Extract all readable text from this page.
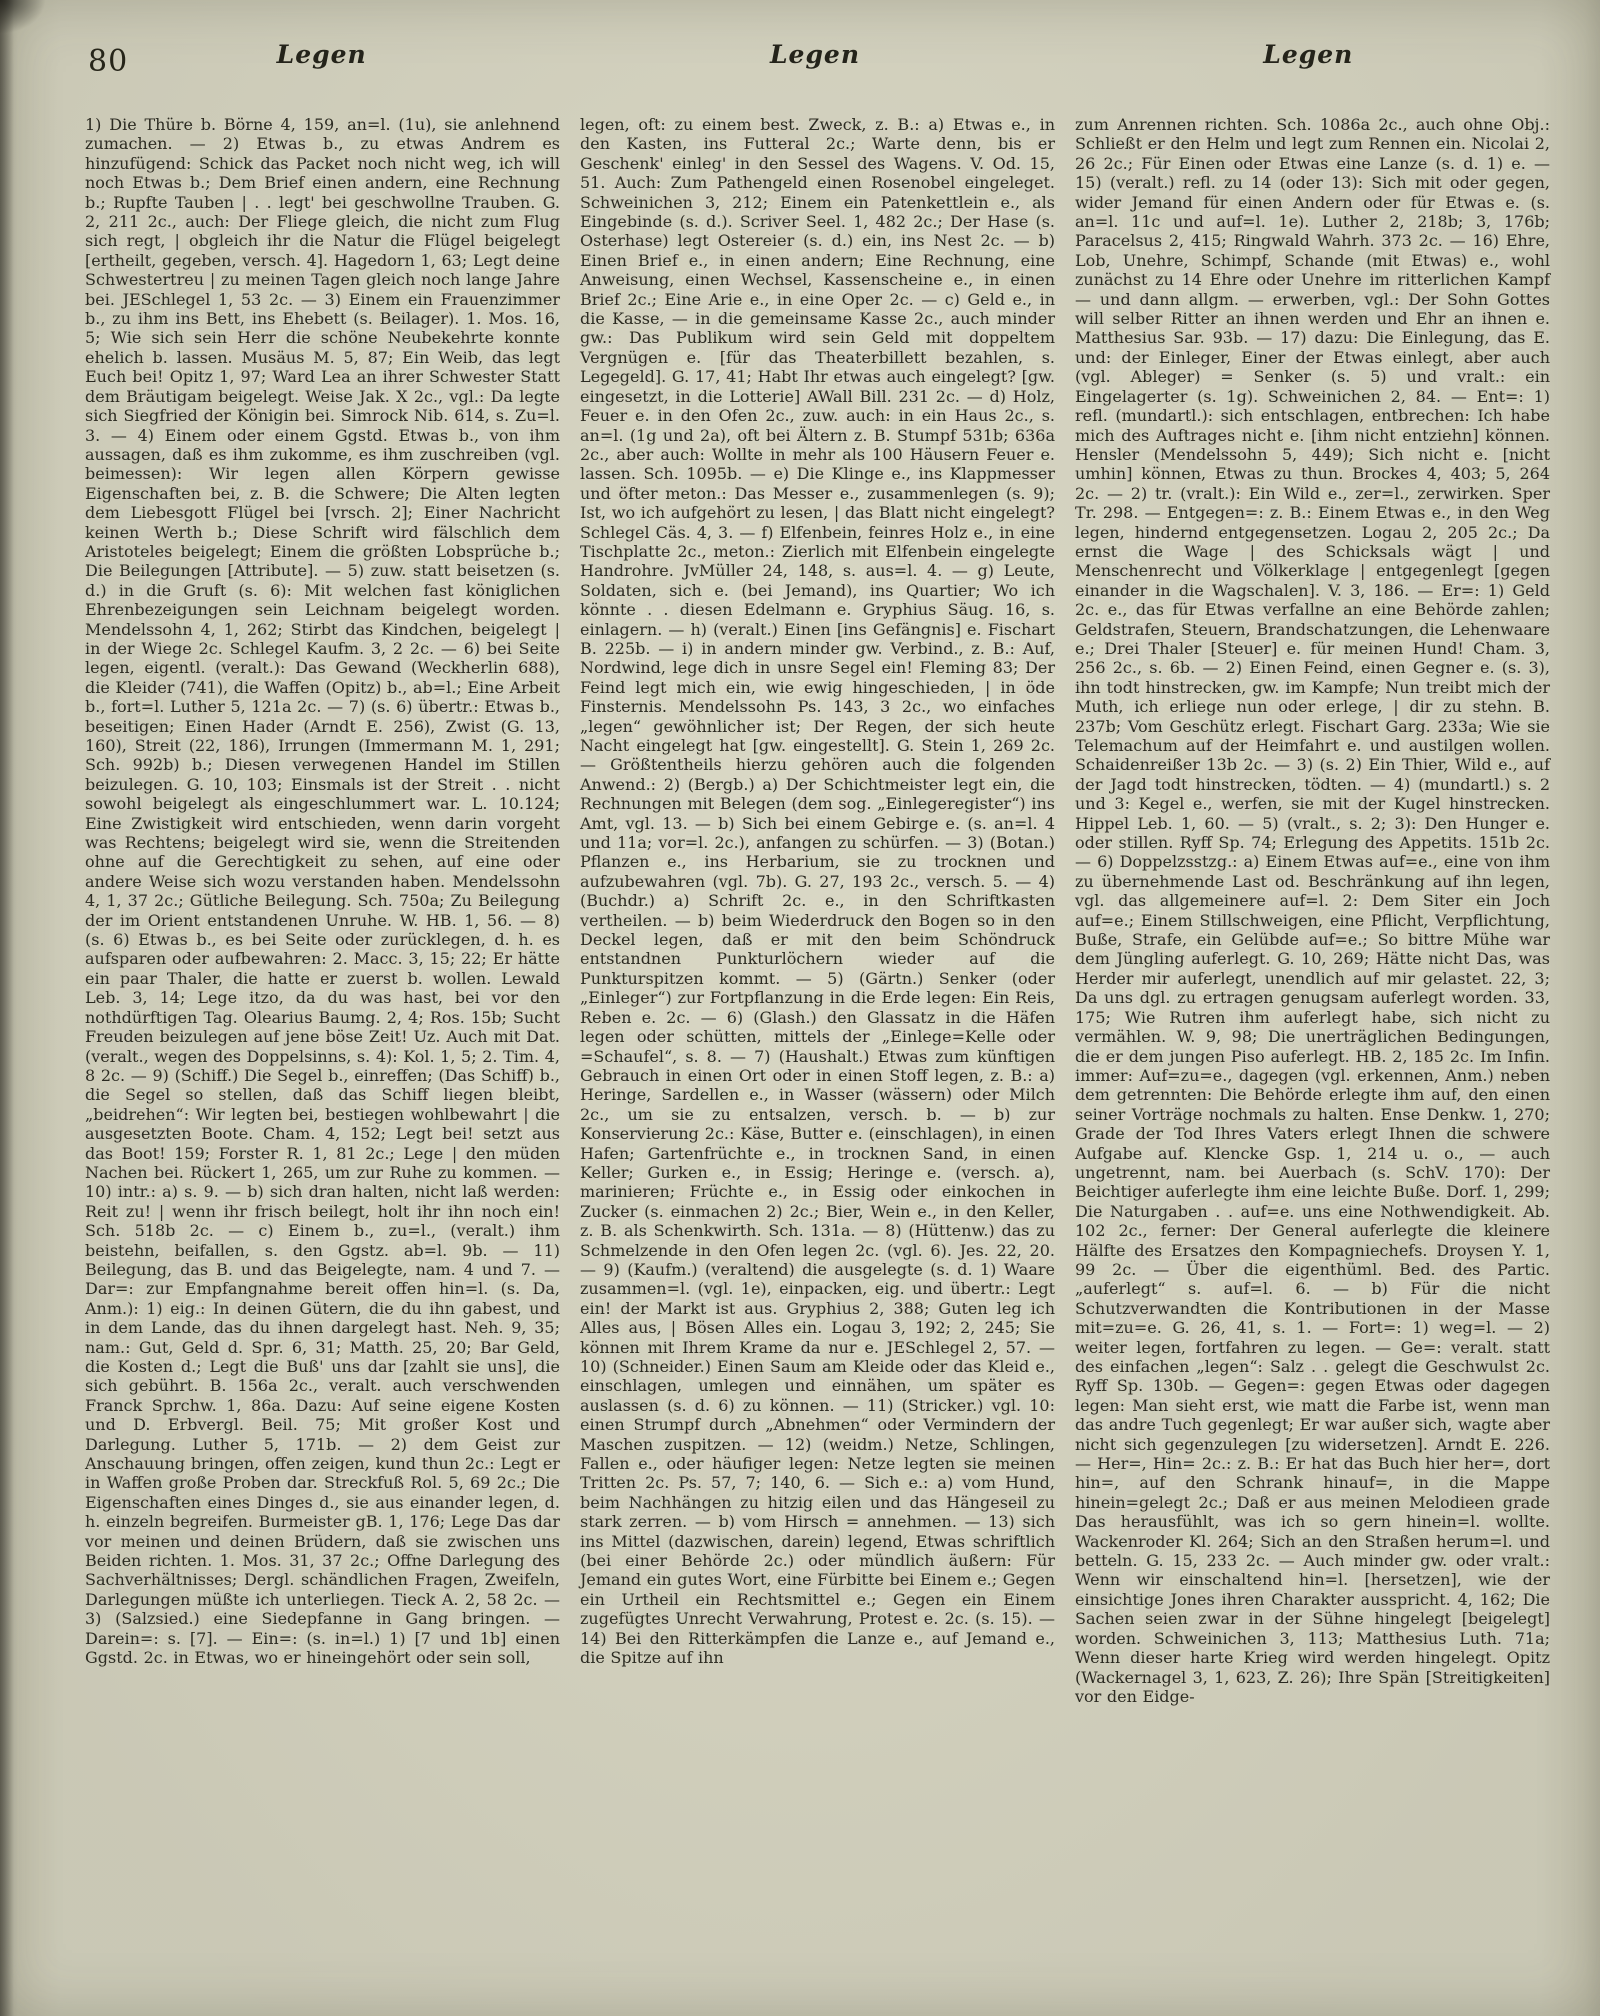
80	Legen	Legen	Legen

1) Die Thüre b. Börne 4, 159, an=l. (1u), sie anlehnend zumachen. — 2) Etwas b., zu etwas Andrem es hinzufügend: Schick das Packet noch nicht weg, ich will noch Etwas b.; Dem Brief einen andern, eine Rechnung b.; Rupfte Tauben | . . legt' bei geschwollne Trauben. G. 2, 211 2c., auch: Der Fliege gleich, die nicht zum Flug sich regt, | obgleich ihr die Natur die Flügel beigelegt [ertheilt, gegeben, versch. 4]. Hagedorn 1, 63; Legt deine Schwestertreu | zu meinen Tagen gleich noch lange Jahre bei. JESchlegel 1, 53 2c. — 3) Einem ein Frauenzimmer b., zu ihm ins Bett, ins Ehebett (s. Beilager). 1. Mos. 16, 5; Wie sich sein Herr die schöne Neubekehrte konnte ehelich b. lassen. Musäus M. 5, 87; Ein Weib, das legt Euch bei! Opitz 1, 97; Ward Lea an ihrer Schwester Statt dem Bräutigam beigelegt. Weise Jak. X 2c., vgl.: Da legte sich Siegfried der Königin bei. Simrock Nib. 614, s. Zu=l. 3. — 4) Einem oder einem Ggstd. Etwas b., von ihm aussagen, daß es ihm zukomme, es ihm zuschreiben (vgl. beimessen): Wir legen allen Körpern gewisse Eigenschaften bei, z. B. die Schwere; Die Alten legten dem Liebesgott Flügel bei [vrsch. 2]; Einer Nachricht keinen Werth b.; Diese Schrift wird fälschlich dem Aristoteles beigelegt; Einem die größten Lobsprüche b.; Die Beilegungen [Attribute]. — 5) zuw. statt beisetzen (s. d.) in die Gruft (s. 6): Mit welchen fast königlichen Ehrenbezeigungen sein Leichnam beigelegt worden. Mendelssohn 4, 1, 262; Stirbt das Kindchen, beigelegt | in der Wiege 2c. Schlegel Kaufm. 3, 2 2c. — 6) bei Seite legen, eigentl. (veralt.): Das Gewand (Weckherlin 688), die Kleider (741), die Waffen (Opitz) b., ab=l.; Eine Arbeit b., fort=l. Luther 5, 121a 2c. — 7) (s. 6) übertr.: Etwas b., beseitigen; Einen Hader (Arndt E. 256), Zwist (G. 13, 160), Streit (22, 186), Irrungen (Immermann M. 1, 291; Sch. 992b) b.; Diesen verwegenen Handel im Stillen beizulegen. G. 10, 103; Einsmals ist der Streit . . nicht sowohl beigelegt als eingeschlummert war. L. 10.124; Eine Zwistigkeit wird entschieden, wenn darin vorgeht was Rechtens; beigelegt wird sie, wenn die Streitenden ohne auf die Gerechtigkeit zu sehen, auf eine oder andere Weise sich wozu verstanden haben. Mendelssohn 4, 1, 37 2c.; Gütliche Beilegung. Sch. 750a; Zu Beilegung der im Orient entstandenen Unruhe. W. HB. 1, 56. — 8) (s. 6) Etwas b., es bei Seite oder zurücklegen, d. h. es aufsparen oder aufbewahren: 2. Macc. 3, 15; 22; Er hätte ein paar Thaler, die hatte er zuerst b. wollen. Lewald Leb. 3, 14; Lege itzo, da du was hast, bei vor den nothdürftigen Tag. Olearius Baumg. 2, 4; Ros. 15b; Sucht Freuden beizulegen auf jene böse Zeit! Uz. Auch mit Dat. (veralt., wegen des Doppelsinns, s. 4): Kol. 1, 5; 2. Tim. 4, 8 2c. — 9) (Schiff.) Die Segel b., einreffen; (Das Schiff) b., die Segel so stellen, daß das Schiff liegen bleibt, „beidrehen“: Wir legten bei, bestiegen wohlbewahrt | die ausgesetzten Boote. Cham. 4, 152; Legt bei! setzt aus das Boot! 159; Forster R. 1, 81 2c.; Lege | den müden Nachen bei. Rückert 1, 265, um zur Ruhe zu kommen. — 10) intr.: a) s. 9. — b) sich dran halten, nicht laß werden: Reit zu! | wenn ihr frisch beilegt, holt ihr ihn noch ein! Sch. 518b 2c. — c) Einem b., zu=l., (veralt.) ihm beistehn, beifallen, s. den Ggstz. ab=l. 9b. — 11) Beilegung, das B. und das Beigelegte, nam. 4 und 7. — Dar=: zur Empfangnahme bereit offen hin=l. (s. Da, Anm.): 1) eig.: In deinen Gütern, die du ihn gabest, und in dem Lande, das du ihnen dargelegt hast. Neh. 9, 35; nam.: Gut, Geld d. Spr. 6, 31; Matth. 25, 20; Bar Geld, die Kosten d.; Legt die Buß' uns dar [zahlt sie uns], die sich gebührt. B. 156a 2c., veralt. auch verschwenden Franck Sprchw. 1, 86a. Dazu: Auf seine eigene Kosten und D. Erbvergl. Beil. 75; Mit großer Kost und Darlegung. Luther 5, 171b. — 2) dem Geist zur Anschauung bringen, offen zeigen, kund thun 2c.: Legt er in Waffen große Proben dar. Streckfuß Rol. 5, 69 2c.; Die Eigenschaften eines Dinges d., sie aus einander legen, d. h. einzeln begreifen. Burmeister gB. 1, 176; Lege Das dar vor meinen und deinen Brüdern, daß sie zwischen uns Beiden richten. 1. Mos. 31, 37 2c.; Offne Darlegung des Sachverhältnisses; Dergl. schändlichen Fragen, Zweifeln, Darlegungen müßte ich unterliegen. Tieck A. 2, 58 2c. — 3) (Salzsied.) eine Siedepfanne in Gang bringen. — Darein=: s. [7]. — Ein=: (s. in=l.) 1) [7 und 1b] einen Ggstd. 2c. in Etwas, wo er hineingehört oder sein soll,

legen, oft: zu einem best. Zweck, z. B.: a) Etwas e., in den Kasten, ins Futteral 2c.; Warte denn, bis er Geschenk' einleg' in den Sessel des Wagens. V. Od. 15, 51. Auch: Zum Pathengeld einen Rosenobel eingeleget. Schweinichen 3, 212; Einem ein Patenkettlein e., als Eingebinde (s. d.). Scriver Seel. 1, 482 2c.; Der Hase (s. Osterhase) legt Ostereier (s. d.) ein, ins Nest 2c. — b) Einen Brief e., in einen andern; Eine Rechnung, eine Anweisung, einen Wechsel, Kassenscheine e., in einen Brief 2c.; Eine Arie e., in eine Oper 2c. — c) Geld e., in die Kasse, — in die gemeinsame Kasse 2c., auch minder gw.: Das Publikum wird sein Geld mit doppeltem Vergnügen e. [für das Theaterbillett bezahlen, s. Legegeld]. G. 17, 41; Habt Ihr etwas auch eingelegt? [gw. eingesetzt, in die Lotterie] AWall Bill. 231 2c. — d) Holz, Feuer e. in den Ofen 2c., zuw. auch: in ein Haus 2c., s. an=l. (1g und 2a), oft bei Ältern z. B. Stumpf 531b; 636a 2c., aber auch: Wollte in mehr als 100 Häusern Feuer e. lassen. Sch. 1095b. — e) Die Klinge e., ins Klappmesser und öfter meton.: Das Messer e., zusammenlegen (s. 9); Ist, wo ich aufgehört zu lesen, | das Blatt nicht eingelegt? Schlegel Cäs. 4, 3. — f) Elfenbein, feinres Holz e., in eine Tischplatte 2c., meton.: Zierlich mit Elfenbein eingelegte Handrohre. JvMüller 24, 148, s. aus=l. 4. — g) Leute, Soldaten, sich e. (bei Jemand), ins Quartier; Wo ich könnte . . diesen Edelmann e. Gryphius Säug. 16, s. einlagern. — h) (veralt.) Einen [ins Gefängnis] e. Fischart B. 225b. — i) in andern minder gw. Verbind., z. B.: Auf, Nordwind, lege dich in unsre Segel ein! Fleming 83; Der Feind legt mich ein, wie ewig hingeschieden, | in öde Finsternis. Mendelssohn Ps. 143, 3 2c., wo einfaches „legen“ gewöhnlicher ist; Der Regen, der sich heute Nacht eingelegt hat [gw. eingestellt]. G. Stein 1, 269 2c. — Größtentheils hierzu gehören auch die folgenden Anwend.: 2) (Bergb.) a) Der Schichtmeister legt ein, die Rechnungen mit Belegen (dem sog. „Einlegeregister“) ins Amt, vgl. 13. — b) Sich bei einem Gebirge e. (s. an=l. 4 und 11a; vor=l. 2c.), anfangen zu schürfen. — 3) (Botan.) Pflanzen e., ins Herbarium, sie zu trocknen und aufzubewahren (vgl. 7b). G. 27, 193 2c., versch. 5. — 4) (Buchdr.) a) Schrift 2c. e., in den Schriftkasten vertheilen. — b) beim Wiederdruck den Bogen so in den Deckel legen, daß er mit den beim Schöndruck entstandnen Punkturlöchern wieder auf die Punkturspitzen kommt. — 5) (Gärtn.) Senker (oder „Einleger“) zur Fortpflanzung in die Erde legen: Ein Reis, Reben e. 2c. — 6) (Glash.) den Glassatz in die Häfen legen oder schütten, mittels der „Einlege=Kelle oder =Schaufel“, s. 8. — 7) (Haushalt.) Etwas zum künftigen Gebrauch in einen Ort oder in einen Stoff legen, z. B.: a) Heringe, Sardellen e., in Wasser (wässern) oder Milch 2c., um sie zu entsalzen, versch. b. — b) zur Konservierung 2c.: Käse, Butter e. (einschlagen), in einen Hafen; Gartenfrüchte e., in trocknen Sand, in einen Keller; Gurken e., in Essig; Heringe e. (versch. a), marinieren; Früchte e., in Essig oder einkochen in Zucker (s. einmachen 2) 2c.; Bier, Wein e., in den Keller, z. B. als Schenkwirth. Sch. 131a. — 8) (Hüttenw.) das zu Schmelzende in den Ofen legen 2c. (vgl. 6). Jes. 22, 20. — 9) (Kaufm.) (veraltend) die ausgelegte (s. d. 1) Waare zusammen=l. (vgl. 1e), einpacken, eig. und übertr.: Legt ein! der Markt ist aus. Gryphius 2, 388; Guten leg ich Alles aus, | Bösen Alles ein. Logau 3, 192; 2, 245; Sie können mit Ihrem Krame da nur e. JESchlegel 2, 57. — 10) (Schneider.) Einen Saum am Kleide oder das Kleid e., einschlagen, umlegen und einnähen, um später es auslassen (s. d. 6) zu können. — 11) (Stricker.) vgl. 10: einen Strumpf durch „Abnehmen“ oder Vermindern der Maschen zuspitzen. — 12) (weidm.) Netze, Schlingen, Fallen e., oder häufiger legen: Netze legten sie meinen Tritten 2c. Ps. 57, 7; 140, 6. — Sich e.: a) vom Hund, beim Nachhängen zu hitzig eilen und das Hängeseil zu stark zerren. — b) vom Hirsch = annehmen. — 13) sich ins Mittel (dazwischen, darein) legend, Etwas schriftlich (bei einer Behörde 2c.) oder mündlich äußern: Für Jemand ein gutes Wort, eine Fürbitte bei Einem e.; Gegen ein Urtheil ein Rechtsmittel e.; Gegen ein Einem zugefügtes Unrecht Verwahrung, Protest e. 2c. (s. 15). — 14) Bei den Ritterkämpfen die Lanze e., auf Jemand e., die Spitze auf ihn

zum Anrennen richten. Sch. 1086a 2c., auch ohne Obj.: Schließt er den Helm und legt zum Rennen ein. Nicolai 2, 26 2c.; Für Einen oder Etwas eine Lanze (s. d. 1) e. — 15) (veralt.) refl. zu 14 (oder 13): Sich mit oder gegen, wider Jemand für einen Andern oder für Etwas e. (s. an=l. 11c und auf=l. 1e). Luther 2, 218b; 3, 176b; Paracelsus 2, 415; Ringwald Wahrh. 373 2c. — 16) Ehre, Lob, Unehre, Schimpf, Schande (mit Etwas) e., wohl zunächst zu 14 Ehre oder Unehre im ritterlichen Kampf — und dann allgm. — erwerben, vgl.: Der Sohn Gottes will selber Ritter an ihnen werden und Ehr an ihnen e. Matthesius Sar. 93b. — 17) dazu: Die Einlegung, das E. und: der Einleger, Einer der Etwas einlegt, aber auch (vgl. Ableger) = Senker (s. 5) und vralt.: ein Eingelagerter (s. 1g). Schweinichen 2, 84. — Ent=: 1) refl. (mundartl.): sich entschlagen, entbrechen: Ich habe mich des Auftrages nicht e. [ihm nicht entziehn] können. Hensler (Mendelssohn 5, 449); Sich nicht e. [nicht umhin] können, Etwas zu thun. Brockes 4, 403; 5, 264 2c. — 2) tr. (vralt.): Ein Wild e., zer=l., zerwirken. Sper Tr. 298. — Entgegen=: z. B.: Einem Etwas e., in den Weg legen, hindernd entgegensetzen. Logau 2, 205 2c.; Da ernst die Wage | des Schicksals wägt | und Menschenrecht und Völkerklage | entgegenlegt [gegen einander in die Wagschalen]. V. 3, 186. — Er=: 1) Geld 2c. e., das für Etwas verfallne an eine Behörde zahlen; Geldstrafen, Steuern, Brandschatzungen, die Lehenwaare e.; Drei Thaler [Steuer] e. für meinen Hund! Cham. 3, 256 2c., s. 6b. — 2) Einen Feind, einen Gegner e. (s. 3), ihn todt hinstrecken, gw. im Kampfe; Nun treibt mich der Muth, ich erliege nun oder erlege, | dir zu stehn. B. 237b; Vom Geschütz erlegt. Fischart Garg. 233a; Wie sie Telemachum auf der Heimfahrt e. und austilgen wollen. Schaidenreißer 13b 2c. — 3) (s. 2) Ein Thier, Wild e., auf der Jagd todt hinstrecken, tödten. — 4) (mundartl.) s. 2 und 3: Kegel e., werfen, sie mit der Kugel hinstrecken. Hippel Leb. 1, 60. — 5) (vralt., s. 2; 3): Den Hunger e. oder stillen. Ryff Sp. 74; Erlegung des Appetits. 151b 2c. — 6) Doppelzsstzg.: a) Einem Etwas auf=e., eine von ihm zu übernehmende Last od. Beschränkung auf ihn legen, vgl. das allgemeinere auf=l. 2: Dem Siter ein Joch auf=e.; Einem Stillschweigen, eine Pflicht, Verpflichtung, Buße, Strafe, ein Gelübde auf=e.; So bittre Mühe war dem Jüngling auferlegt. G. 10, 269; Hätte nicht Das, was Herder mir auferlegt, unendlich auf mir gelastet. 22, 3; Da uns dgl. zu ertragen genugsam auferlegt worden. 33, 175; Wie Rutren ihm auferlegt habe, sich nicht zu vermählen. W. 9, 98; Die unerträglichen Bedingungen, die er dem jungen Piso auferlegt. HB. 2, 185 2c. Im Infin. immer: Auf=zu=e., dagegen (vgl. erkennen, Anm.) neben dem getrennten: Die Behörde erlegte ihm auf, den einen seiner Vorträge nochmals zu halten. Ense Denkw. 1, 270; Grade der Tod Ihres Vaters erlegt Ihnen die schwere Aufgabe auf. Klencke Gsp. 1, 214 u. o., — auch ungetrennt, nam. bei Auerbach (s. SchV. 170): Der Beichtiger auferlegte ihm eine leichte Buße. Dorf. 1, 299; Die Naturgaben . . auf=e. uns eine Nothwendigkeit. Ab. 102 2c., ferner: Der General auferlegte die kleinere Hälfte des Ersatzes den Kompagniechefs. Droysen Y. 1, 99 2c. — Über die eigenthüml. Bed. des Partic. „auferlegt“ s. auf=l. 6. — b) Für die nicht Schutzverwandten die Kontributionen in der Masse mit=zu=e. G. 26, 41, s. 1. — Fort=: 1) weg=l. — 2) weiter legen, fortfahren zu legen. — Ge=: veralt. statt des einfachen „legen“: Salz . . gelegt die Geschwulst 2c. Ryff Sp. 130b. — Gegen=: gegen Etwas oder dagegen legen: Man sieht erst, wie matt die Farbe ist, wenn man das andre Tuch gegenlegt; Er war außer sich, wagte aber nicht sich gegenzulegen [zu widersetzen]. Arndt E. 226. — Her=, Hin= 2c.: z. B.: Er hat das Buch hier her=, dort hin=, auf den Schrank hinauf=, in die Mappe hinein=gelegt 2c.; Daß er aus meinen Melodieen grade Das herausfühlt, was ich so gern hinein=l. wollte. Wackenroder Kl. 264; Sich an den Straßen herum=l. und betteln. G. 15, 233 2c. — Auch minder gw. oder vralt.: Wenn wir einschaltend hin=l. [hersetzen], wie der einsichtige Jones ihren Charakter ausspricht. 4, 162; Die Sachen seien zwar in der Sühne hingelegt [beigelegt] worden. Schweinichen 3, 113; Matthesius Luth. 71a; Wenn dieser harte Krieg wird werden hingelegt. Opitz (Wackernagel 3, 1, 623, Z. 26); Ihre Spän [Streitigkeiten] vor den Eidge-
